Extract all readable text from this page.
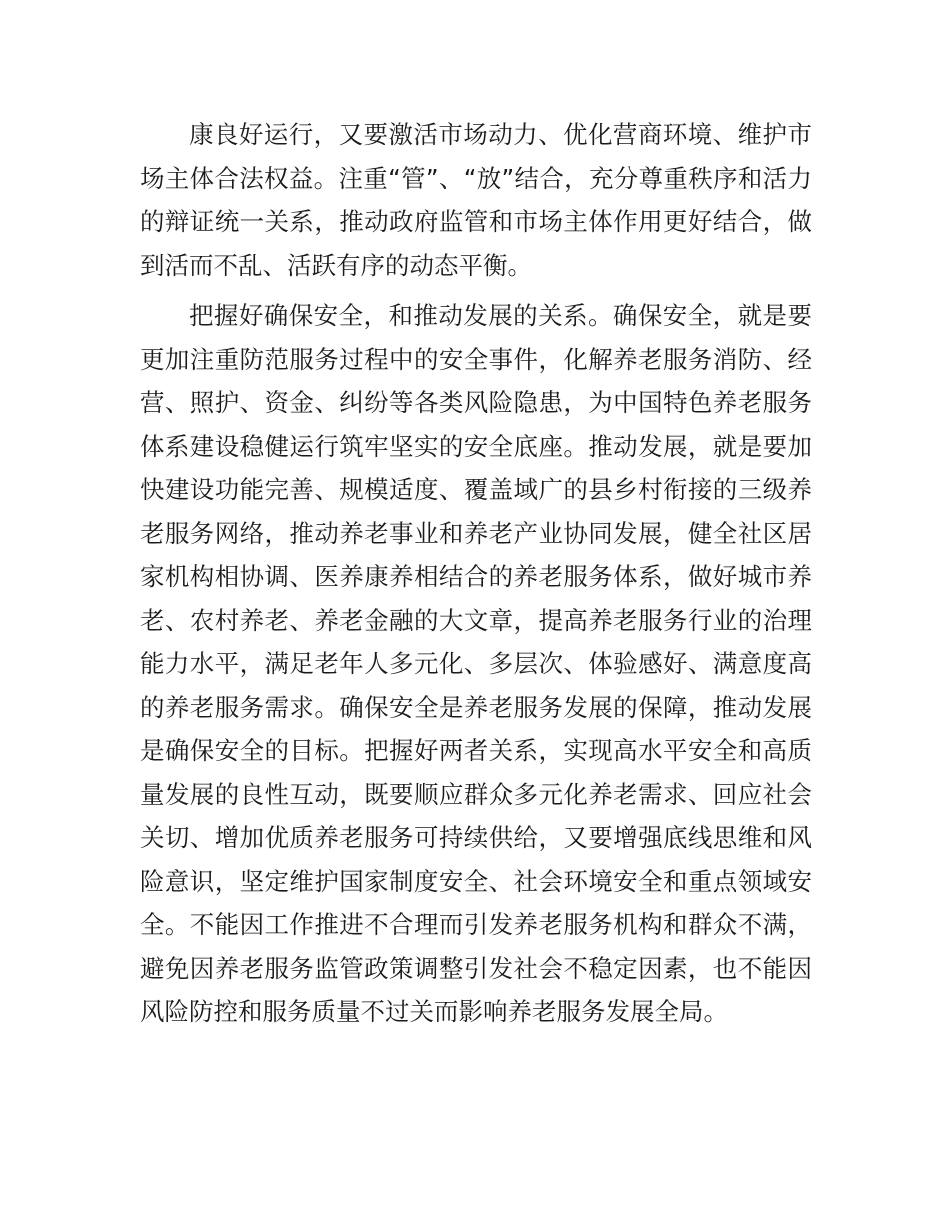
康良好运行，又要激活市场动力、优化营商环境、维护市场主体合法权益。注重“管”、“放”结合，充分尊重秩序和活力的辩证统一关系，推动政府监管和市场主体作用更好结合，做到活而不乱、活跃有序的动态平衡。

把握好确保安全，和推动发展的关系。确保安全，就是要更加注重防范服务过程中的安全事件，化解养老服务消防、经营、照护、资金、纠纷等各类风险隐患，为中国特色养老服务体系建设稳健运行筑牢坚实的安全底座。推动发展，就是要加快建设功能完善、规模适度、覆盖域广的县乡村衔接的三级养老服务网络，推动养老事业和养老产业协同发展，健全社区居家机构相协调、医养康养相结合的养老服务体系，做好城市养老、农村养老、养老金融的大文章，提高养老服务行业的治理能力水平，满足老年人多元化、多层次、体验感好、满意度高的养老服务需求。确保安全是养老服务发展的保障，推动发展是确保安全的目标。把握好两者关系，实现高水平安全和高质量发展的良性互动，既要顺应群众多元化养老需求、回应社会关切、增加优质养老服务可持续供给，又要增强底线思维和风险意识，坚定维护国家制度安全、社会环境安全和重点领域安全。不能因工作推进不合理而引发养老服务机构和群众不满，避免因养老服务监管政策调整引发社会不稳定因素，也不能因风险防控和服务质量不过关而影响养老服务发展全局。
